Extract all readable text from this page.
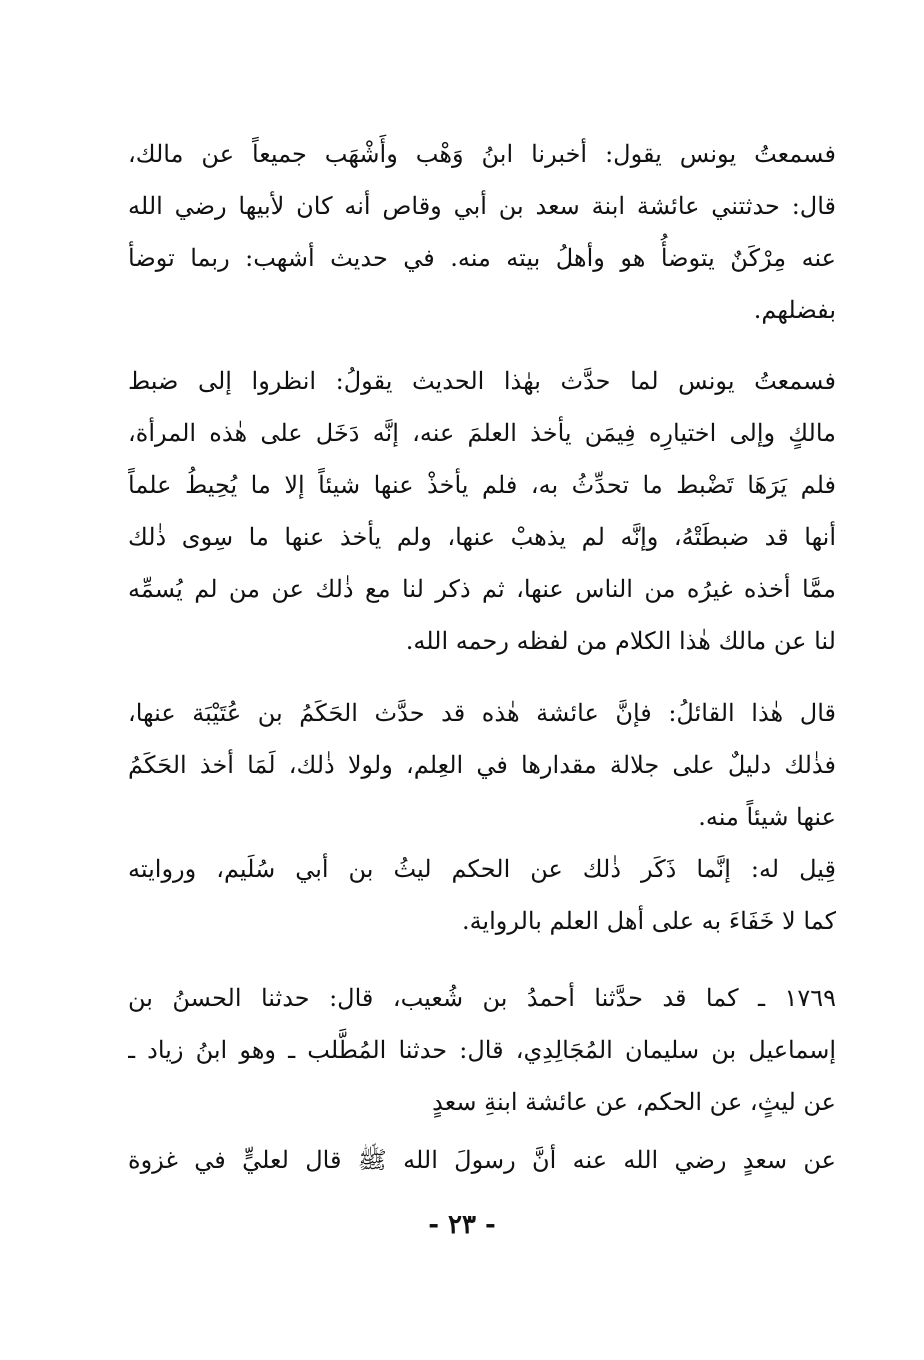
فسمعتُ يونس يقول: أخبرنا ابنُ وَهْب وأَشْهَب جميعاً عن مالك،
قال: حدثتني عائشة ابنة سعد بن أبي وقاص أنه كان لأبيها رضي الله
عنه مِرْكَنٌ يتوضأُ هو وأهلُ بيته منه. في حديث أشهب: ربما توضأ
بفضلهم.
فسمعتُ يونس لما حدَّث بهٰذا الحديث يقولُ: انظروا إلى ضبط
مالكٍ وإلى اختيارِه فِيمَن يأخذ العلمَ عنه، إنَّه دَخَل على هٰذه المرأة،
فلم يَرَهَا تَضْبط ما تحدِّثُ به، فلم يأخذْ عنها شيئاً إلا ما يُحِيطُ علماً
أنها قد ضبطَتْهُ، وإنَّه لم يذهبْ عنها، ولم يأخذ عنها ما سِوى ذٰلك
ممَّا أخذه غيرُه من الناس عنها، ثم ذكر لنا مع ذٰلك عن من لم يُسمِّه
لنا عن مالك هٰذا الكلام من لفظه رحمه الله.
قال هٰذا القائلُ: فإنَّ عائشة هٰذه قد حدَّث الحَكَمُ بن عُتَيْبَة عنها،
فذٰلك دليلٌ على جلالة مقدارها في العِلم، ولولا ذٰلك، لَمَا أخذ الحَكَمُ
عنها شيئاً منه.
قِيل له: إنَّما ذَكَر ذٰلك عن الحكم ليثُ بن أبي سُلَيم، وروايته
كما لا خَفَاءَ به على أهل العلم بالرواية.
١٧٦٩ ـ كما قد حدَّثنا أحمدُ بن شُعيب، قال: حدثنا الحسنُ بن
إسماعيل بن سليمان المُجَالِدِي، قال: حدثنا المُطَّلب ـ وهو ابنُ زياد ـ
عن ليثٍ، عن الحكم، عن عائشة ابنةِ سعدٍ
عن سعدٍ رضي الله عنه أنَّ رسولَ الله ﷺ قال لعليٍّ في غزوة
- ٢٣ -
